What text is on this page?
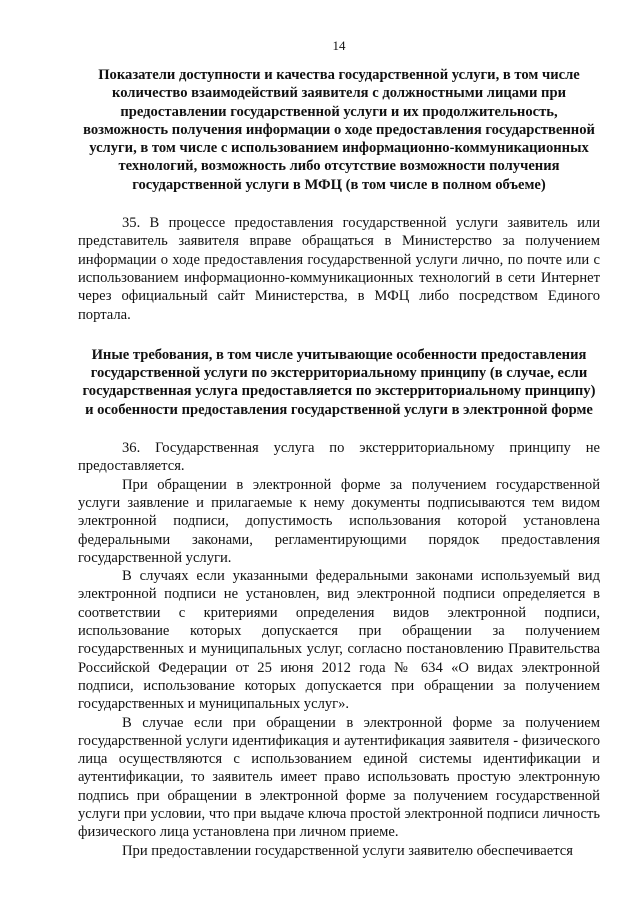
14

Показатели доступности и качества государственной услуги, в том числе количество взаимодействий заявителя с должностными лицами при предоставлении государственной услуги и их продолжительность, возможность получения информации о ходе предоставления государственной услуги, в том числе с использованием информационно-коммуникационных технологий, возможность либо отсутствие возможности получения государственной услуги в МФЦ (в том числе в полном объеме)

35. В процессе предоставления государственной услуги заявитель или представитель заявителя вправе обращаться в Министерство за получением информации о ходе предоставления государственной услуги лично, по почте или с использованием информационно-коммуникационных технологий в сети Интернет через официальный сайт Министерства, в МФЦ либо посредством Единого портала.

Иные требования, в том числе учитывающие особенности предоставления государственной услуги по экстерриториальному принципу (в случае, если государственная услуга предоставляется по экстерриториальному принципу) и особенности предоставления государственной услуги в электронной форме

36. Государственная услуга по экстерриториальному принципу не предоставляется.

При обращении в электронной форме за получением государственной услуги заявление и прилагаемые к нему документы подписываются тем видом электронной подписи, допустимость использования которой установлена федеральными законами, регламентирующими порядок предоставления государственной услуги.

В случаях если указанными федеральными законами используемый вид электронной подписи не установлен, вид электронной подписи определяется в соответствии с критериями определения видов электронной подписи, использование которых допускается при обращении за получением государственных и муниципальных услуг, согласно постановлению Правительства Российской Федерации от 25 июня 2012 года № 634 «О видах электронной подписи, использование которых допускается при обращении за получением государственных и муниципальных услуг».

В случае если при обращении в электронной форме за получением государственной услуги идентификация и аутентификация заявителя - физического лица осуществляются с использованием единой системы идентификации и аутентификации, то заявитель имеет право использовать простую электронную подпись при обращении в электронной форме за получением государственной услуги при условии, что при выдаче ключа простой электронной подписи личность физического лица установлена при личном приеме.

При предоставлении государственной услуги заявителю обеспечивается
